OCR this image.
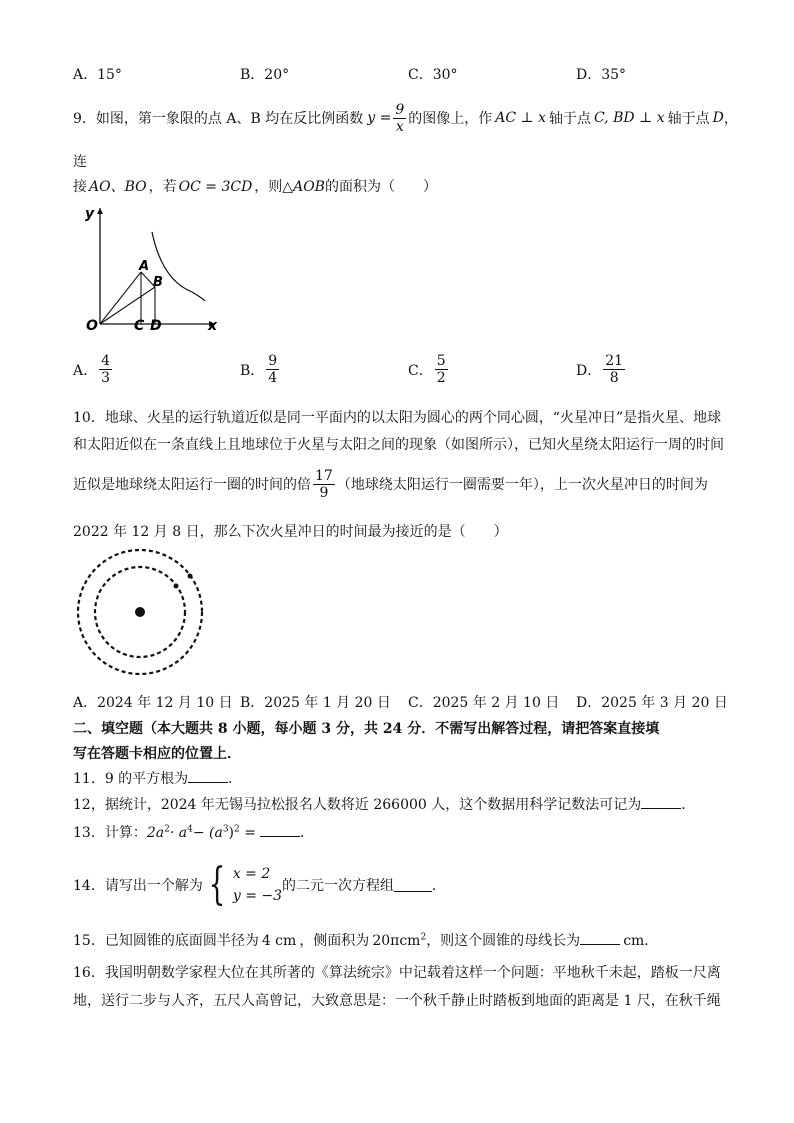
A．15°	B．20°	C．30°	D．35°
9．如图，第一象限的点 A、B 均在反比例函数 $y = \frac{9}{x}$ 的图像上，作 AC ⊥ x 轴于点 C, BD ⊥ x 轴于点 D ，
连
接 AO、BO ，若 OC = 3CD ，则△AOB的面积为（　　）
y
x
O
A
B
C D
A． $\frac{4}{3}$	B． $\frac{9}{4}$	C． $\frac{5}{2}$	D． $\frac{21}{8}$
10．地球、火星的运行轨道近似是同一平面内的以太阳为圆心的两个同心圆，“火星冲日”是指火星、地球
和太阳近似在一条直线上且地球位于火星与太阳之间的现象（如图所示），已知火星绕太阳运行一周的时间
近似是地球绕太阳运行一圈的时间的倍 $\frac{17}{9}$ （地球绕太阳运行一圈需要一年），上一次火星冲日的时间为
2022 年 12 月 8 日，那么下次火星冲日的时间最为接近的是（　　）
A．2024 年 12 月 10 日 B．2025 年 1 月 20 日 C．2025 年 2 月 10 日 D．2025 年 3 月 20 日
二、填空题（本大题共 8 小题，每小题 3 分，共 24 分．不需写出解答过程，请把答案直接填
写在答题卡相应的位置上．
11．9 的平方根为	．
12，据统计，2024 年无锡马拉松报名人数将近 266000 人，这个数据用科学记数法可记为	．
13．计算：$2a^2\cdot a^4- (a^3)^2$ =	．
14．请写出一个解为 { x = 2
y = −3
的二元一次方程组	．
15．已知圆锥的底面圆半径为 4 cm ，侧面积为 20πcm$^2$，则这个圆锥的母线长为	cm．
16．我国明朝数学家程大位在其所著的《算法统宗》中记载着这样一个问题：平地秋千未起，踏板一尺离
地，送行二步与人齐，五尺人高曾记，大致意思是：一个秋千静止时踏板到地面的距离是 1 尺，在秋千绳
